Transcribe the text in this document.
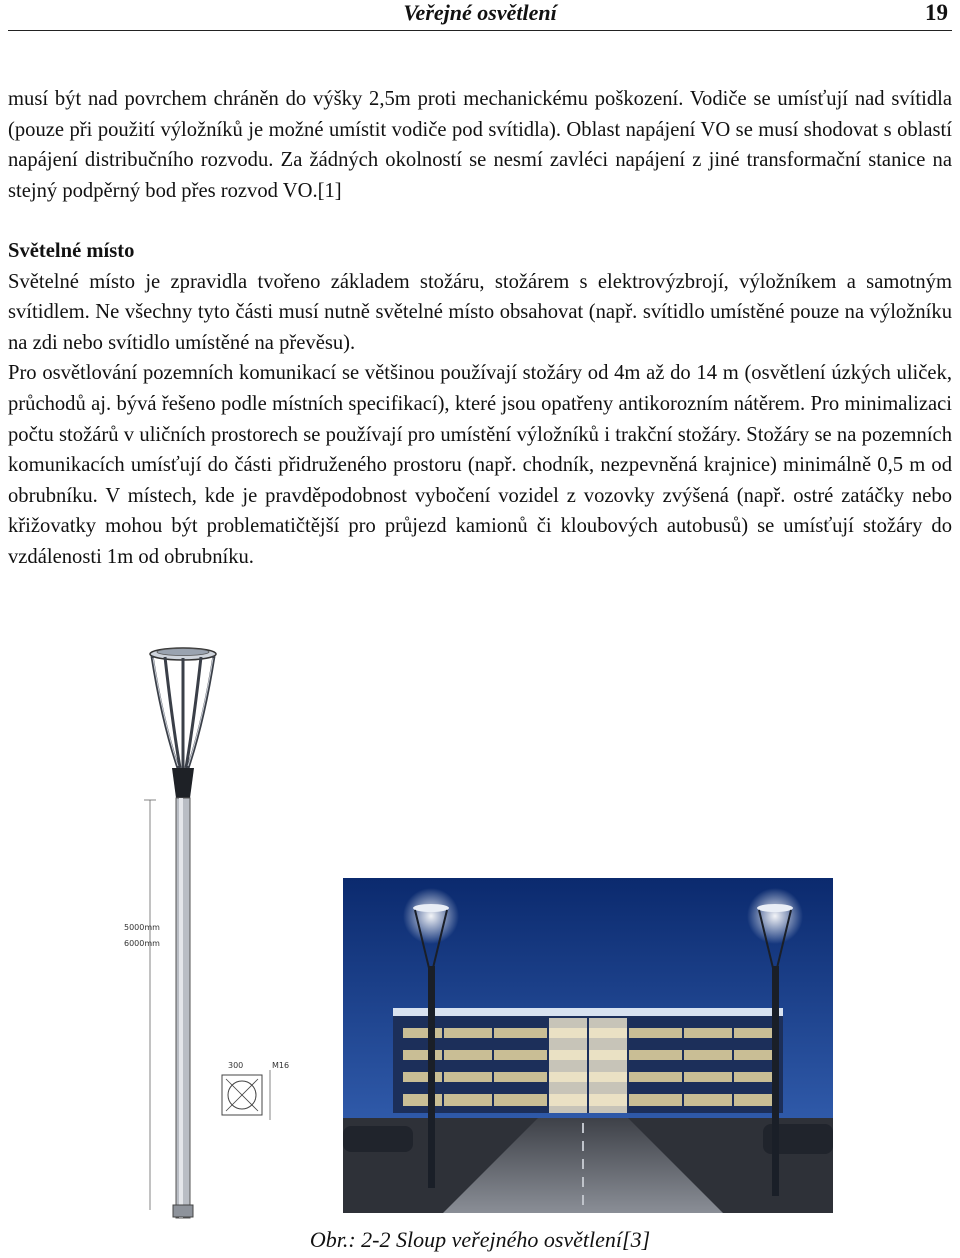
Veřejné osvětlení	19

musí být nad povrchem chráněn do výšky 2,5m proti mechanickému poškození. Vodiče se umísťují nad svítidla (pouze při použití výložníků je možné umístit vodiče pod svítidla). Oblast napájení VO se musí shodovat s oblastí napájení distribučního rozvodu. Za žádných okolností se nesmí zavléci napájení z jiné transformační stanice na stejný podpěrný bod přes rozvod VO.[1]

Světelné místo

Světelné místo je zpravidla tvořeno základem stožáru, stožárem s elektrovýzbrojí, výložníkem a samotným svítidlem. Ne všechny tyto části musí nutně světelné místo obsahovat (např. svítidlo umístěné pouze na výložníku na zdi nebo svítidlo umístěné na převěsu).

Pro osvětlování pozemních komunikací se většinou používají stožáry od 4m až do 14 m (osvětlení úzkých uliček, průchodů aj. bývá řešeno podle místních specifikací), které jsou opatřeny antikorozním nátěrem. Pro minimalizaci počtu stožárů v uličních prostorech se používají pro umístění výložníků i trakční stožáry. Stožáry se na pozemních komunikacích umísťují do části přidruženého prostoru (např. chodník, nezpevněná krajnice) minimálně 0,5 m od obrubníku. V místech, kde je pravděpodobnost vybočení vozidel z vozovky zvýšená (např. ostré zatáčky nebo křižovatky mohou být problematičtější pro průjezd kamionů či kloubových autobusů) se umísťují stožáry do vzdálenosti 1m od obrubníku.

5000mm
6000mm
300	M16
Obr.: 2-2 Sloup veřejného osvětlení[3]
